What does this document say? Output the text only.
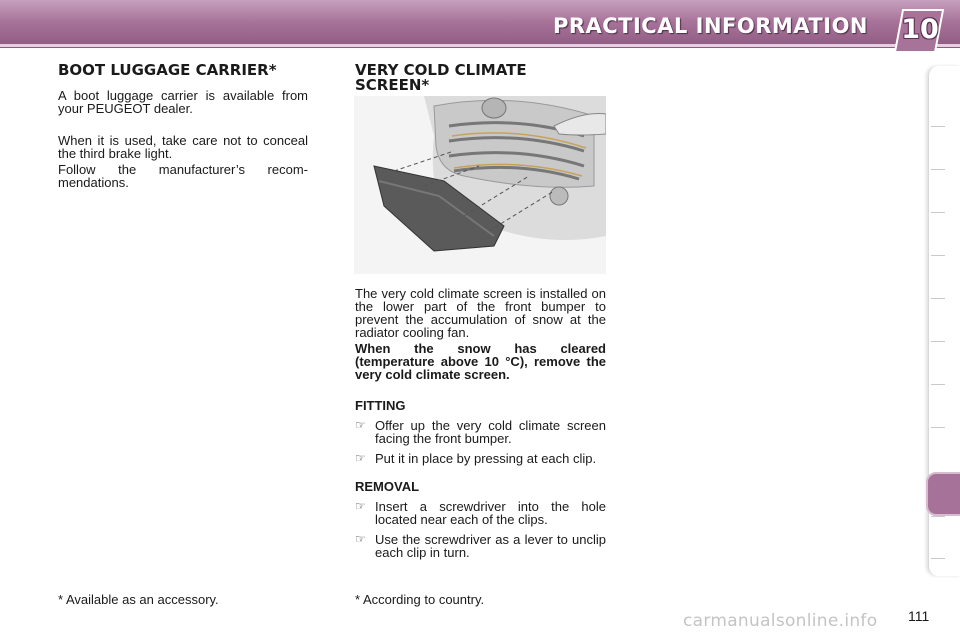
PRACTICAL INFORMATION 10
BOOT LUGGAGE CARRIER*

A boot luggage carrier is available from your PEUGEOT dealer.

When it is used, take care not to conceal the third brake light.

Follow the manufacturer’s recom-mendations.

VERY COLD CLIMATE
SCREEN*

The very cold climate screen is installed on the lower part of the front bumper to prevent the accumulation of snow at the radiator cooling fan.

When the snow has cleared (temperature above 10 °C), remove the very cold climate screen.

FITTING
☞ Offer up the very cold climate screen facing the front bumper.
☞ Put it in place by pressing at each clip.
REMOVAL
☞ Insert a screwdriver into the hole located near each of the clips.
☞ Use the screwdriver as a lever to unclip each clip in turn.
* Available as an accessory.	* According to country.
carmanualsonline.info 111
